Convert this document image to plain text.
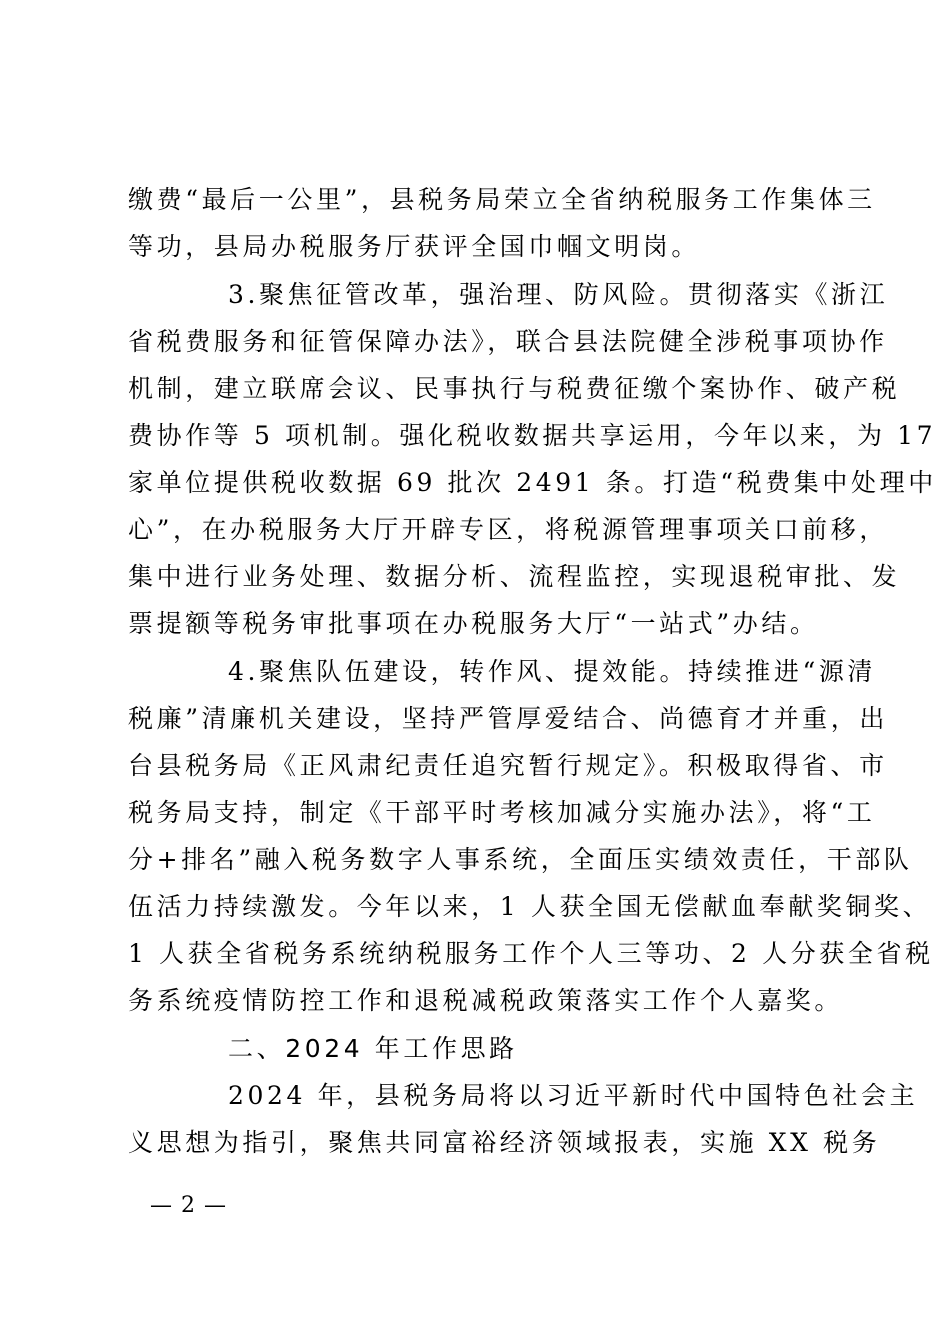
缴费“最后一公里”，县税务局荣立全省纳税服务工作集体三
等功，县局办税服务厅获评全国巾帼文明岗。
3.聚焦征管改革，强治理、防风险。贯彻落实《浙江
省税费服务和征管保障办法》，联合县法院健全涉税事项协作
机制，建立联席会议、民事执行与税费征缴个案协作、破产税
费协作等 5 项机制。强化税收数据共享运用，今年以来，为 17
家单位提供税收数据 69 批次 2491 条。打造“税费集中处理中
心”，在办税服务大厅开辟专区，将税源管理事项关口前移，
集中进行业务处理、数据分析、流程监控，实现退税审批、发
票提额等税务审批事项在办税服务大厅“一站式”办结。
4.聚焦队伍建设，转作风、提效能。持续推进“源清
税廉”清廉机关建设，坚持严管厚爱结合、尚德育才并重，出
台县税务局《正风肃纪责任追究暂行规定》。积极取得省、市
税务局支持，制定《干部平时考核加减分实施办法》，将“工
分+排名”融入税务数字人事系统，全面压实绩效责任，干部队
伍活力持续激发。今年以来，1 人获全国无偿献血奉献奖铜奖、
1 人获全省税务系统纳税服务工作个人三等功、2 人分获全省税
务系统疫情防控工作和退税减税政策落实工作个人嘉奖。
二、2024 年工作思路
2024 年，县税务局将以习近平新时代中国特色社会主
义思想为指引，聚焦共同富裕经济领域报表，实施 XX 税务
— 2 —
